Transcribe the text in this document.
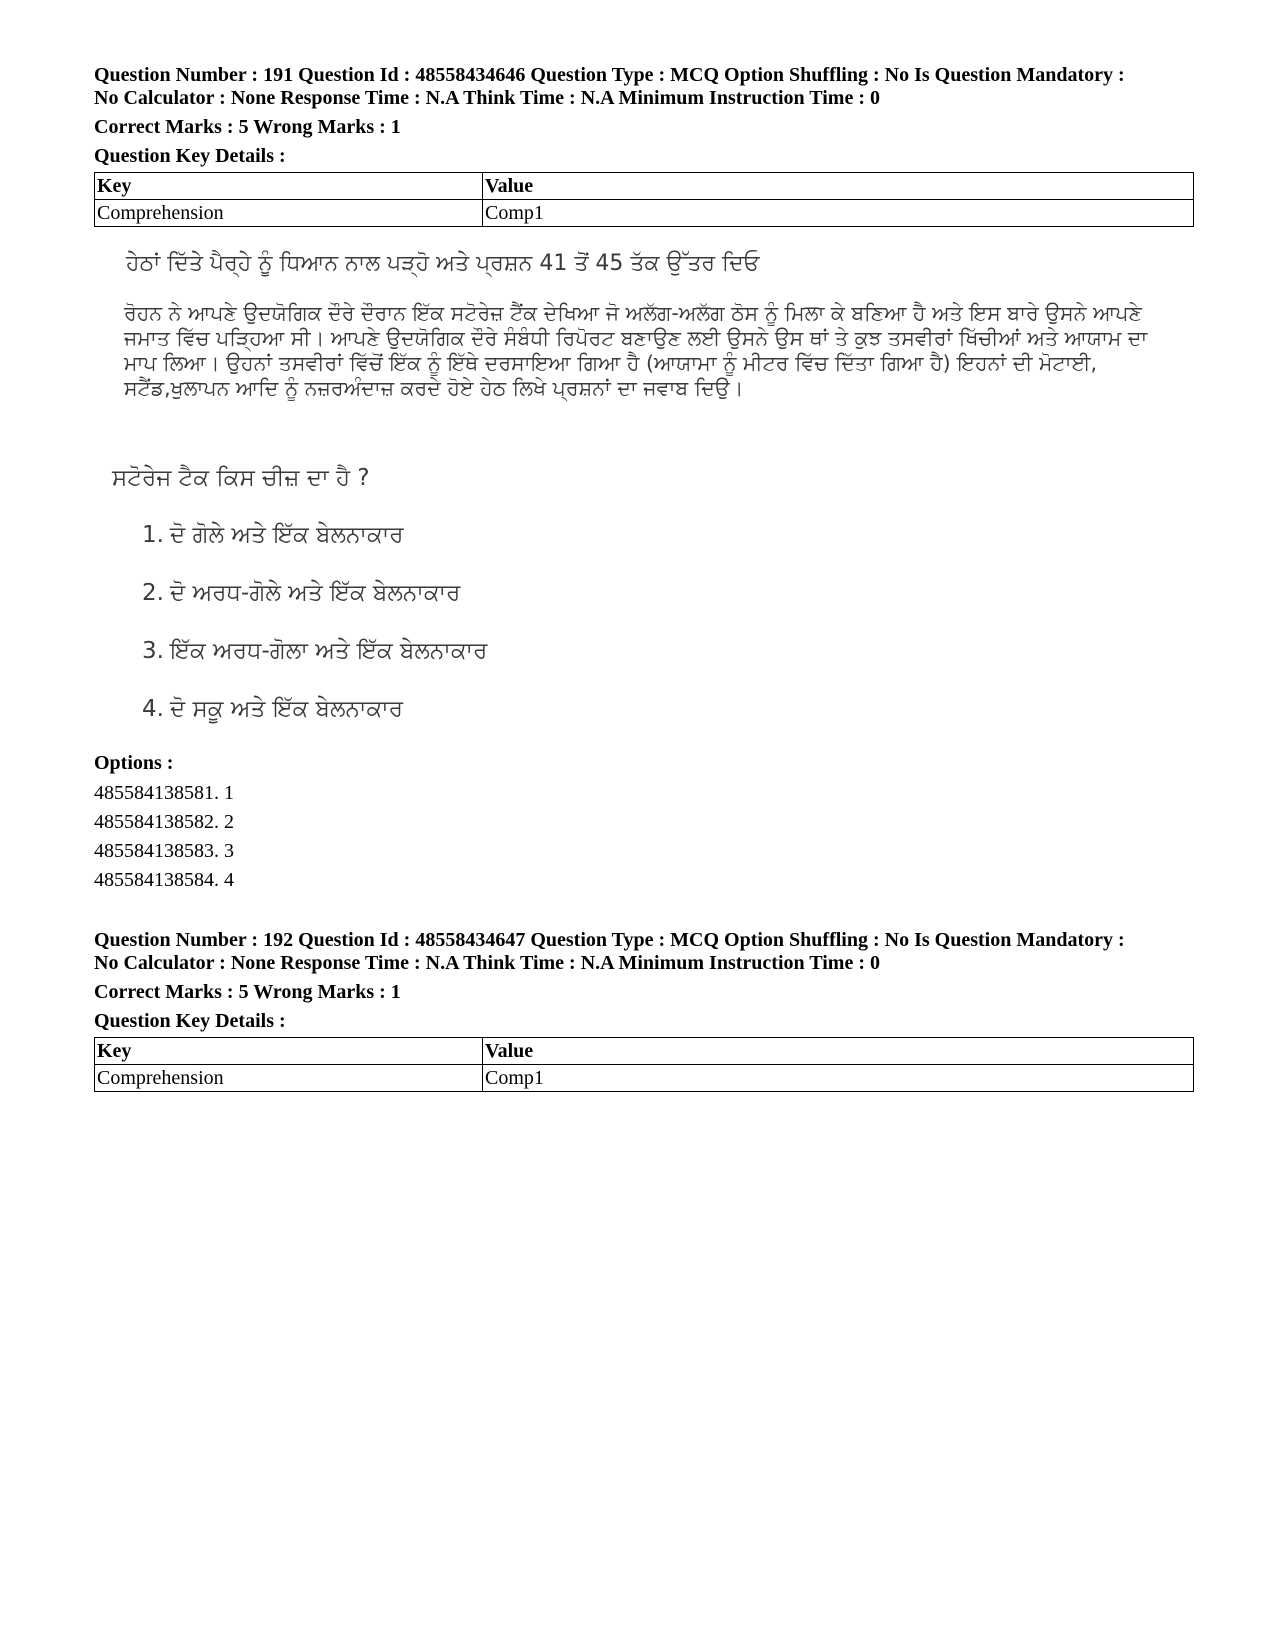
Question Number : 191 Question Id : 48558434646 Question Type : MCQ Option Shuffling : No Is Question Mandatory :
No Calculator : None Response Time : N.A Think Time : N.A Minimum Instruction Time : 0

Correct Marks : 5 Wrong Marks : 1

Question Key Details :

Key	Value
Comprehension	Comp1
ਹੇਠਾਂ ਦਿੱਤੇ ਪੈਰ੍ਹੇ ਨੂੰ ਧਿਆਨ ਨਾਲ ਪੜ੍ਹੋ ਅਤੇ ਪ੍ਰਸ਼ਨ 41 ਤੋਂ 45 ਤੱਕ ਉੱਤਰ ਦਿਓ
ਰੋਹਨ ਨੇ ਆਪਣੇ ਉਦਯੋਗਿਕ ਦੌਰੇ ਦੌਰਾਨ ਇੱਕ ਸਟੋਰੇਜ਼ ਟੈਂਕ ਦੇਖਿਆ ਜੋ ਅਲੱਗ-ਅਲੱਗ ਠੋਸ ਨੂੰ ਮਿਲਾ ਕੇ ਬਣਿਆ ਹੈ ਅਤੇ ਇਸ ਬਾਰੇ ਉਸਨੇ ਆਪਣੇ ਜਮਾਤ ਵਿੱਚ ਪੜ੍ਹਿਆ ਸੀ। ਆਪਣੇ ਉਦਯੋਗਿਕ ਦੌਰੇ ਸੰਬੰਧੀ ਰਿਪੋਰਟ ਬਣਾਉਣ ਲਈ ਉਸਨੇ ਉਸ ਥਾਂ ਤੇ ਕੁਝ ਤਸਵੀਰਾਂ ਖਿੱਚੀਆਂ ਅਤੇ ਆਯਾਮ ਦਾ ਮਾਪ ਲਿਆ। ਉਹਨਾਂ ਤਸਵੀਰਾਂ ਵਿੱਚੋਂ ਇੱਕ ਨੂੰ ਇੱਥੇ ਦਰਸਾਇਆ ਗਿਆ ਹੈ (ਆਯਾਮਾ ਨੂੰ ਮੀਟਰ ਵਿੱਚ ਦਿੱਤਾ ਗਿਆ ਹੈ) ਇਹਨਾਂ ਦੀ ਮੋਟਾਈ, ਸਟੈਂਡ,ਖੁਲਾਪਨ ਆਦਿ ਨੂੰ ਨਜ਼ਰਅੰਦਾਜ਼ ਕਰਦੇ ਹੋਏ ਹੇਠ ਲਿਖੇ ਪ੍ਰਸ਼ਨਾਂ ਦਾ ਜਵਾਬ ਦਿਉ।
ਸਟੋਰੇਜ ਟੈਕ ਕਿਸ ਚੀਜ਼ ਦਾ ਹੈ ?
1. ਦੋ ਗੋਲੇ ਅਤੇ ਇੱਕ ਬੇਲਨਾਕਾਰ
2. ਦੋ ਅਰਧ-ਗੋਲੇ ਅਤੇ ਇੱਕ ਬੇਲਨਾਕਾਰ
3. ਇੱਕ ਅਰਧ-ਗੋਲਾ ਅਤੇ ਇੱਕ ਬੇਲਨਾਕਾਰ
4. ਦੋ ਸਕੂ ਅਤੇ ਇੱਕ ਬੇਲਨਾਕਾਰ

Options :

485584138581. 1
485584138582. 2
485584138583. 3
485584138584. 4

Question Number : 192 Question Id : 48558434647 Question Type : MCQ Option Shuffling : No Is Question Mandatory :
No Calculator : None Response Time : N.A Think Time : N.A Minimum Instruction Time : 0

Correct Marks : 5 Wrong Marks : 1

Question Key Details :

Key	Value
Comprehension	Comp1
